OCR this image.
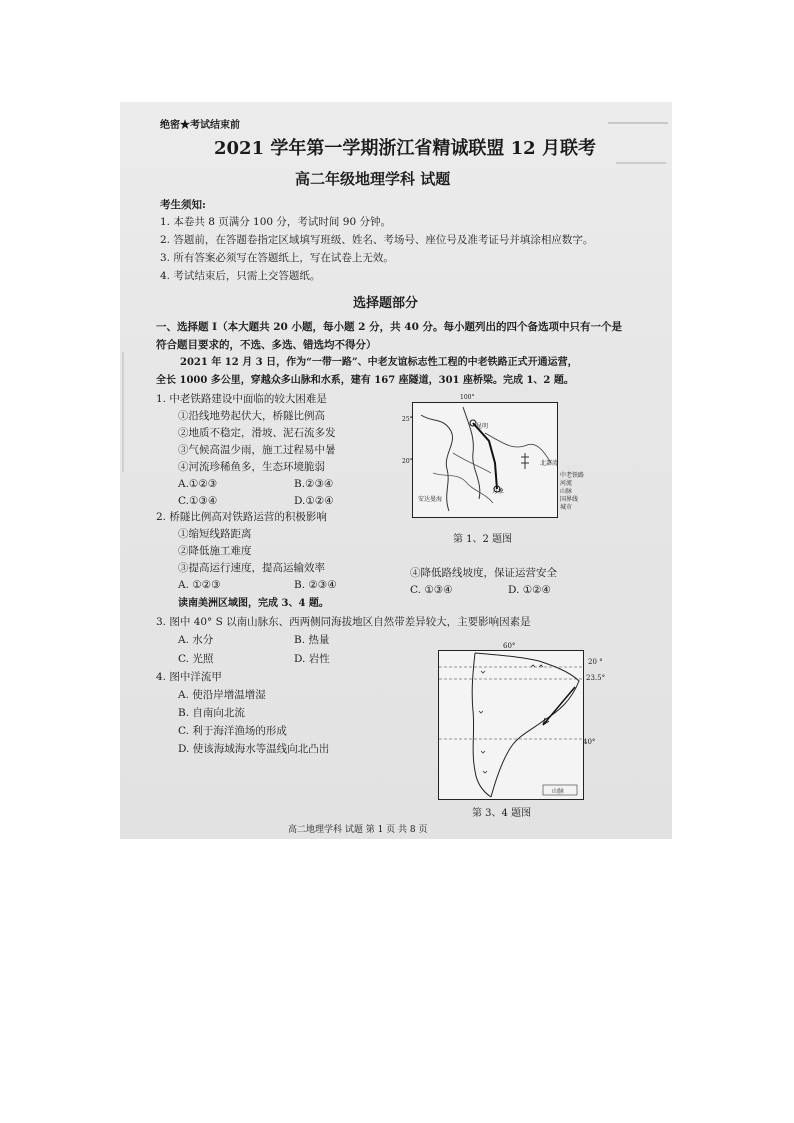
绝密★考试结束前
2021 学年第一学期浙江省精诚联盟 12 月联考
高二年级地理学科 试题
考生须知:
1. 本卷共 8 页满分 100 分，考试时间 90 分钟。
2. 答题前，在答题卷指定区域填写班级、姓名、考场号、座位号及准考证号并填涂相应数字。
3. 所有答案必须写在答题纸上，写在试卷上无效。
4. 考试结束后，只需上交答题纸。
选择题部分
一、选择题 I（本大题共 20 小题，每小题 2 分，共 40 分。每小题列出的四个备选项中只有一个是
符合题目要求的，不选、多选、错选均不得分）
2021 年 12 月 3 日，作为“一带一路”、中老友谊标志性工程的中老铁路正式开通运营，
全长 1000 多公里，穿越众多山脉和水系，建有 167 座隧道，301 座桥梁。完成 1、2 题。
1. 中老铁路建设中面临的较大困难是
①沿线地势起伏大，桥隧比例高
②地质不稳定，滑坡、泥石流多发
③气候高温少雨，施工过程易中暑
④河流珍稀鱼多，生态环境脆弱
A.①②③	B.②③④
C.①③④	D.①②④
100°
25°
20°
昆明
万象
安达曼海
北部湾
中老铁路
河流
山脉
国界线
城市
第 1、2 题图
2. 桥隧比例高对铁路运营的积极影响
①缩短线路距离
②降低施工难度
③提高运行速度，提高运输效率	④降低路线坡度，保证运营安全
A. ①②③	B. ②③④	C. ①③④	D. ①②④
读南美洲区域图，完成 3、4 题。
3. 图中 40° S 以南山脉东、西两侧同海拔地区自然带差异较大，主要影响因素是
A. 水分	B. 热量
C. 光照	D. 岩性
4. 图中洋流甲
A. 使沿岸增温增湿
B. 自南向北流
C. 利于海洋渔场的形成
D. 使该海域海水等温线向北凸出
60°
20 °
23.5°
40°
山脉
第 3、4 题图
高二地理学科 试题 第 1 页 共 8 页
